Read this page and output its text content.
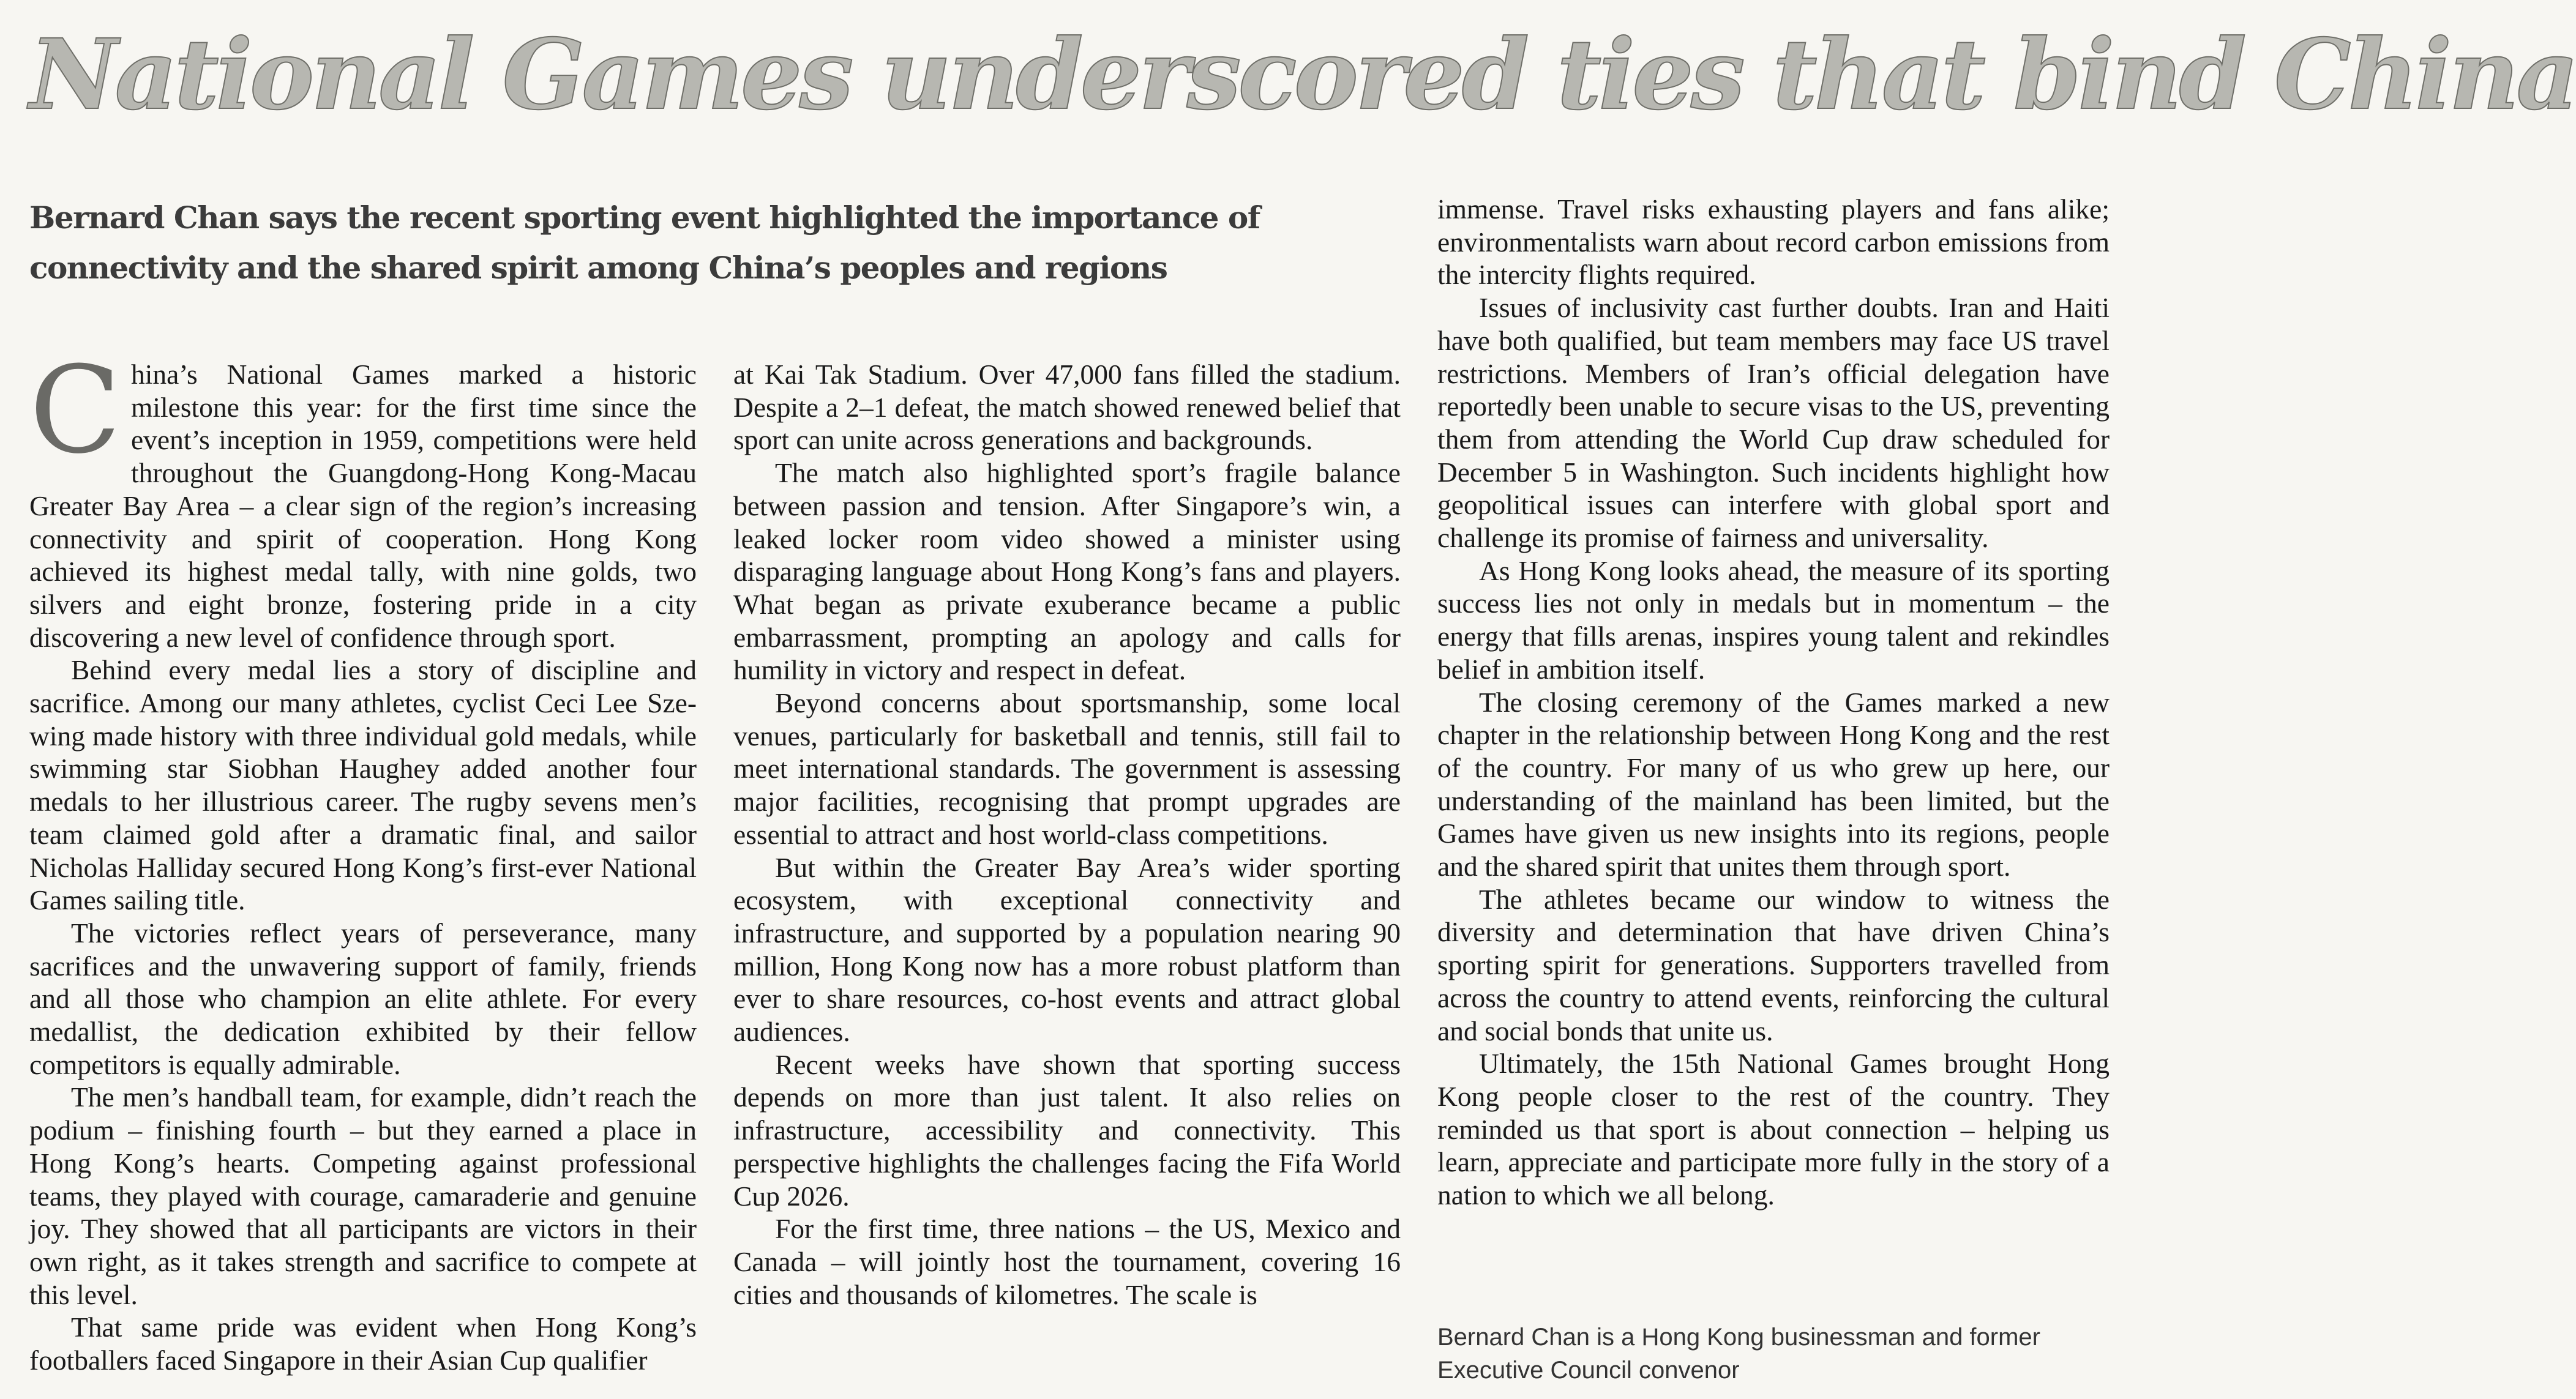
National Games underscored ties that bind China
Bernard Chan says the recent sporting event highlighted the importance of connectivity and the shared spirit among China’s peoples and regions

China’s National Games marked a historic milestone this year: for the first time since the event’s inception in 1959, competitions were held throughout the Guangdong-Hong Kong-Macau Greater Bay Area – a clear sign of the region’s increasing connectivity and spirit of cooperation. Hong Kong achieved its highest medal tally, with nine golds, two silvers and eight bronze, fostering pride in a city discovering a new level of confidence through sport.

Behind every medal lies a story of discipline and sacrifice. Among our many athletes, cyclist Ceci Lee Sze-wing made history with three individual gold medals, while swimming star Siobhan Haughey added another four medals to her illustrious career. The rugby sevens men’s team claimed gold after a dramatic final, and sailor Nicholas Halliday secured Hong Kong’s first-ever National Games sailing title.

The victories reflect years of perseverance, many sacrifices and the unwavering support of family, friends and all those who champion an elite athlete. For every medallist, the dedication exhibited by their fellow competitors is equally admirable.

The men’s handball team, for example, didn’t reach the podium – finishing fourth – but they earned a place in Hong Kong’s hearts. Competing against professional teams, they played with courage, camaraderie and genuine joy. They showed that all participants are victors in their own right, as it takes strength and sacrifice to compete at this level.

That same pride was evident when Hong Kong’s footballers faced Singapore in their Asian Cup qualifier

at Kai Tak Stadium. Over 47,000 fans filled the stadium. Despite a 2–1 defeat, the match showed renewed belief that sport can unite across generations and backgrounds.

The match also highlighted sport’s fragile balance between passion and tension. After Singapore’s win, a leaked locker room video showed a minister using disparaging language about Hong Kong’s fans and players. What began as private exuberance became a public embarrassment, prompting an apology and calls for humility in victory and respect in defeat.

Beyond concerns about sportsmanship, some local venues, particularly for basketball and tennis, still fail to meet international standards. The government is assessing major facilities, recognising that prompt upgrades are essential to attract and host world-class competitions.

But within the Greater Bay Area’s wider sporting ecosystem, with exceptional connectivity and infrastructure, and supported by a population nearing 90 million, Hong Kong now has a more robust platform than ever to share resources, co-host events and attract global audiences.

Recent weeks have shown that sporting success depends on more than just talent. It also relies on infrastructure, accessibility and connectivity. This perspective highlights the challenges facing the Fifa World Cup 2026.

For the first time, three nations – the US, Mexico and Canada – will jointly host the tournament, covering 16 cities and thousands of kilometres. The scale is

immense. Travel risks exhausting players and fans alike; environmentalists warn about record carbon emissions from the intercity flights required.

Issues of inclusivity cast further doubts. Iran and Haiti have both qualified, but team members may face US travel restrictions. Members of Iran’s official delegation have reportedly been unable to secure visas to the US, preventing them from attending the World Cup draw scheduled for December 5 in Washington. Such incidents highlight how geopolitical issues can interfere with global sport and challenge its promise of fairness and universality.

As Hong Kong looks ahead, the measure of its sporting success lies not only in medals but in momentum – the energy that fills arenas, inspires young talent and rekindles belief in ambition itself.

The closing ceremony of the Games marked a new chapter in the relationship between Hong Kong and the rest of the country. For many of us who grew up here, our understanding of the mainland has been limited, but the Games have given us new insights into its regions, people and the shared spirit that unites them through sport.

The athletes became our window to witness the diversity and determination that have driven China’s sporting spirit for generations. Supporters travelled from across the country to attend events, reinforcing the cultural and social bonds that unite us.

Ultimately, the 15th National Games brought Hong Kong people closer to the rest of the country. They reminded us that sport is about connection – helping us learn, appreciate and participate more fully in the story of a nation to which we all belong.

Bernard Chan is a Hong Kong businessman and former Executive Council convenor
